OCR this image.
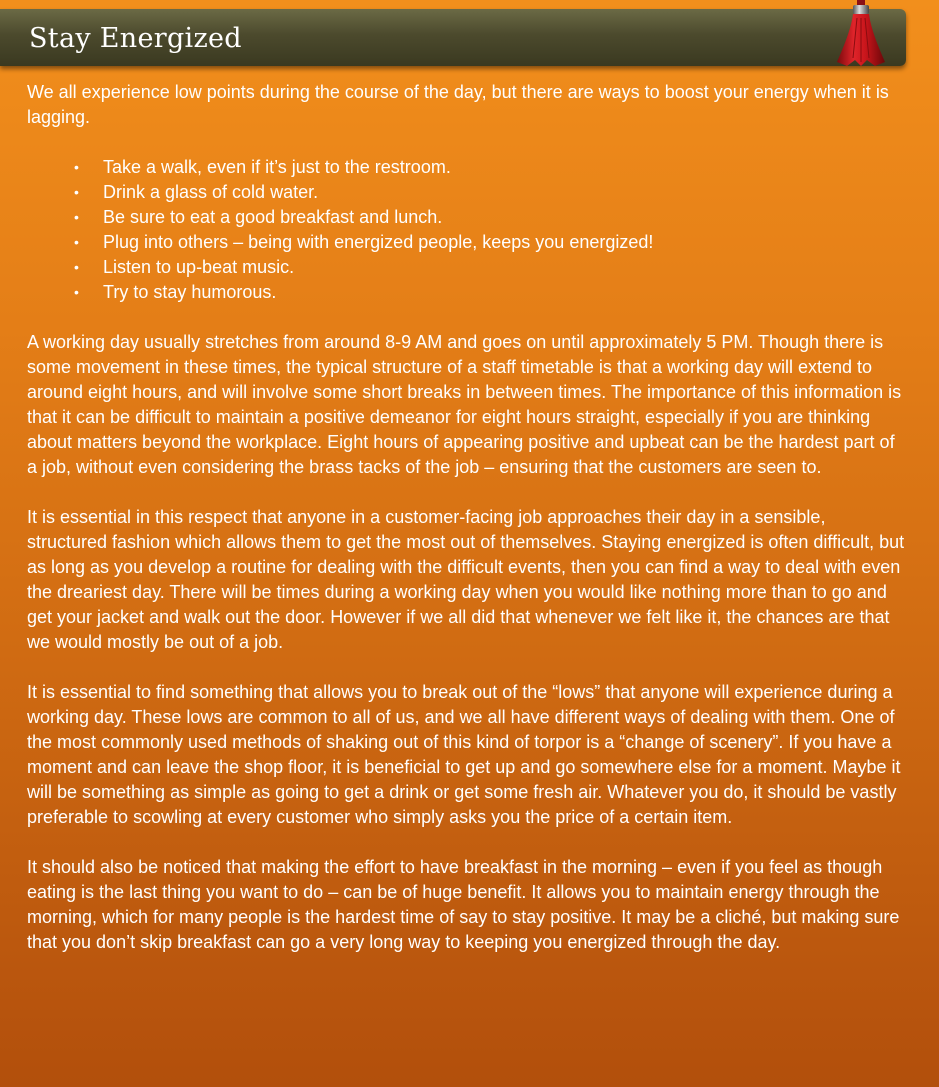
Stay Energized

We all experience low points during the course of the day, but there are ways to boost your energy when it is lagging.

• Take a walk, even if it’s just to the restroom.
• Drink a glass of cold water.
• Be sure to eat a good breakfast and lunch.
• Plug into others – being with energized people, keeps you energized!
• Listen to up-beat music.
• Try to stay humorous.

A working day usually stretches from around 8-9 AM and goes on until approximately 5 PM. Though there is some movement in these times, the typical structure of a staff timetable is that a working day will extend to around eight hours, and will involve some short breaks in between times. The importance of this information is that it can be difficult to maintain a positive demeanor for eight hours straight, especially if you are thinking about matters beyond the workplace. Eight hours of appearing positive and upbeat can be the hardest part of a job, without even considering the brass tacks of the job – ensuring that the customers are seen to.

It is essential in this respect that anyone in a customer-facing job approaches their day in a sensible, structured fashion which allows them to get the most out of themselves. Staying energized is often difficult, but as long as you develop a routine for dealing with the difficult events, then you can find a way to deal with even the dreariest day. There will be times during a working day when you would like nothing more than to go and get your jacket and walk out the door. However if we all did that whenever we felt like it, the chances are that we would mostly be out of a job.

It is essential to find something that allows you to break out of the “lows” that anyone will experience during a working day. These lows are common to all of us, and we all have different ways of dealing with them. One of the most commonly used methods of shaking out of this kind of torpor is a “change of scenery”. If you have a moment and can leave the shop floor, it is beneficial to get up and go somewhere else for a moment. Maybe it will be something as simple as going to get a drink or get some fresh air. Whatever you do, it should be vastly preferable to scowling at every customer who simply asks you the price of a certain item.

It should also be noticed that making the effort to have breakfast in the morning – even if you feel as though eating is the last thing you want to do – can be of huge benefit. It allows you to maintain energy through the morning, which for many people is the hardest time of say to stay positive. It may be a cliché, but making sure that you don’t skip breakfast can go a very long way to keeping you energized through the day.
